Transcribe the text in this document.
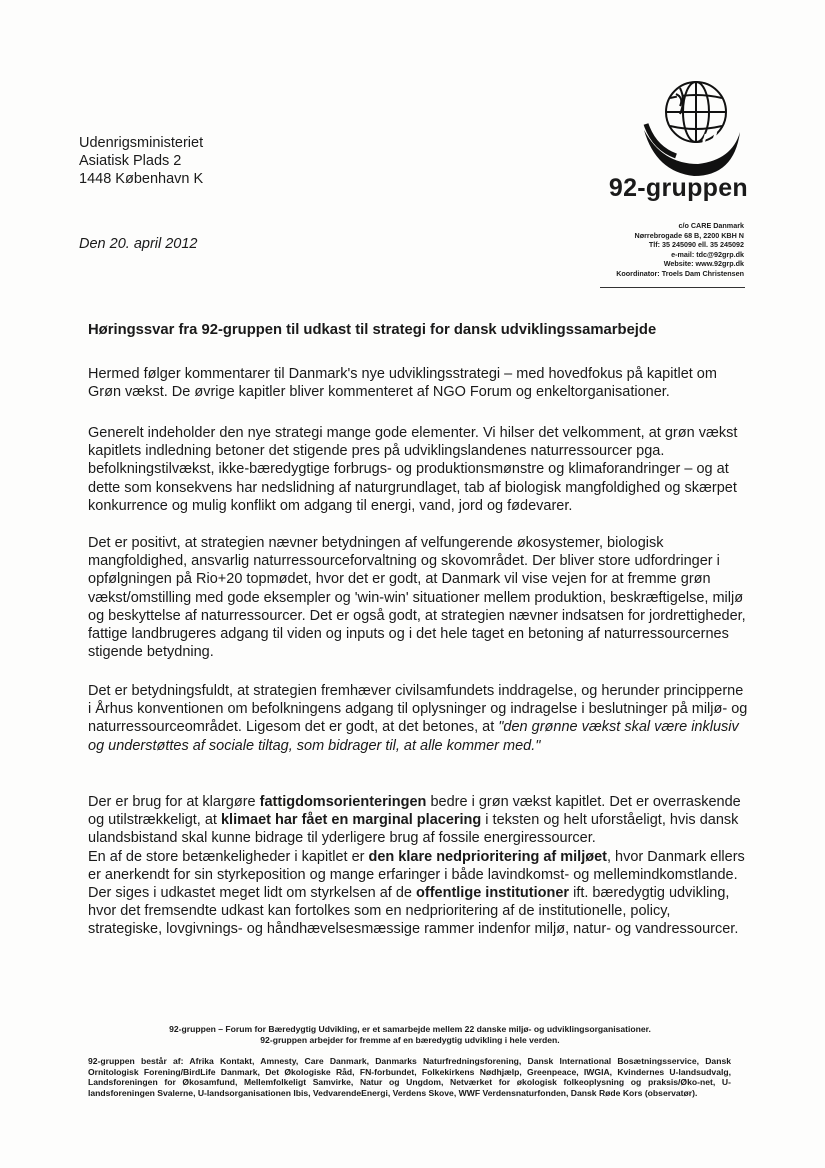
Udenrigsministeriet
Asiatisk Plads 2
1448 København K
Den 20. april 2012
92-gruppen
c/o CARE Danmark
Nørrebrogade 68 B, 2200 KBH N
Tlf: 35 245090 ell. 35 245092
e-mail: tdc@92grp.dk
Website: www.92grp.dk
Koordinator: Troels Dam Christensen
Høringssvar fra 92-gruppen til udkast til strategi for dansk udviklingssamarbejde

Hermed følger kommentarer til Danmark's nye udviklingsstrategi – med hovedfokus på kapitlet om Grøn vækst. De øvrige kapitler bliver kommenteret af NGO Forum og enkeltorganisationer.

Generelt indeholder den nye strategi mange gode elementer. Vi hilser det velkomment, at grøn vækst kapitlets indledning betoner det stigende pres på udviklingslandenes naturressourcer pga. befolkningstilvækst, ikke-bæredygtige forbrugs- og produktionsmønstre og klimaforandringer – og at dette som konsekvens har nedslidning af naturgrundlaget, tab af biologisk mangfoldighed og skærpet konkurrence og mulig konflikt om adgang til energi, vand, jord og fødevarer.

Det er positivt, at strategien nævner betydningen af velfungerende økosystemer, biologisk mangfoldighed, ansvarlig naturressourceforvaltning og skovområdet. Der bliver store udfordringer i opfølgningen på Rio+20 topmødet, hvor det er godt, at Danmark vil vise vejen for at fremme grøn vækst/omstilling med gode eksempler og 'win-win' situationer mellem produktion, beskræftigelse, miljø og beskyttelse af naturressourcer. Det er også godt, at strategien nævner indsatsen for jordrettigheder, fattige landbrugeres adgang til viden og inputs og i det hele taget en betoning af naturressourcernes stigende betydning.

Det er betydningsfuldt, at strategien fremhæver civilsamfundets inddragelse, og herunder principperne i Århus konventionen om befolkningens adgang til oplysninger og indragelse i beslutninger på miljø- og naturressourceområdet. Ligesom det er godt, at det betones, at "den grønne vækst skal være inklusiv og understøttes af sociale tiltag, som bidrager til, at alle kommer med."

Der er brug for at klargøre fattigdomsorienteringen bedre i grøn vækst kapitlet. Det er overraskende og utilstrækkeligt, at klimaet har fået en marginal placering i teksten og helt uforståeligt, hvis dansk ulandsbistand skal kunne bidrage til yderligere brug af fossile energiressourcer.

En af de store betænkeligheder i kapitlet er den klare nedprioritering af miljøet, hvor Danmark ellers er anerkendt for sin styrkeposition og mange erfaringer i både lavindkomst- og mellemindkomstlande.

Der siges i udkastet meget lidt om styrkelsen af de offentlige institutioner ift. bæredygtig udvikling, hvor det fremsendte udkast kan fortolkes som en nedprioritering af de institutionelle, policy, strategiske, lovgivnings- og håndhævelsesmæssige rammer indenfor miljø, natur- og vandressourcer.

92-gruppen – Forum for Bæredygtig Udvikling, er et samarbejde mellem 22 danske miljø- og udviklingsorganisationer.
92-gruppen arbejder for fremme af en bæredygtig udvikling i hele verden.
92-gruppen består af: Afrika Kontakt, Amnesty, Care Danmark, Danmarks Naturfredningsforening, Dansk International Bosætningsservice, Dansk Ornitologisk Forening/BirdLife Danmark, Det Økologiske Råd, FN-forbundet, Folkekirkens Nødhjælp, Greenpeace, IWGIA, Kvindernes U-landsudvalg, Landsforeningen for Økosamfund, Mellemfolkeligt Samvirke, Natur og Ungdom, Netværket for økologisk folkeoplysning og praksis/Øko-net, U-landsforeningen Svalerne, U-landsorganisationen Ibis, VedvarendeEnergi, Verdens Skove, WWF Verdensnaturfonden, Dansk Røde Kors (observatør).
